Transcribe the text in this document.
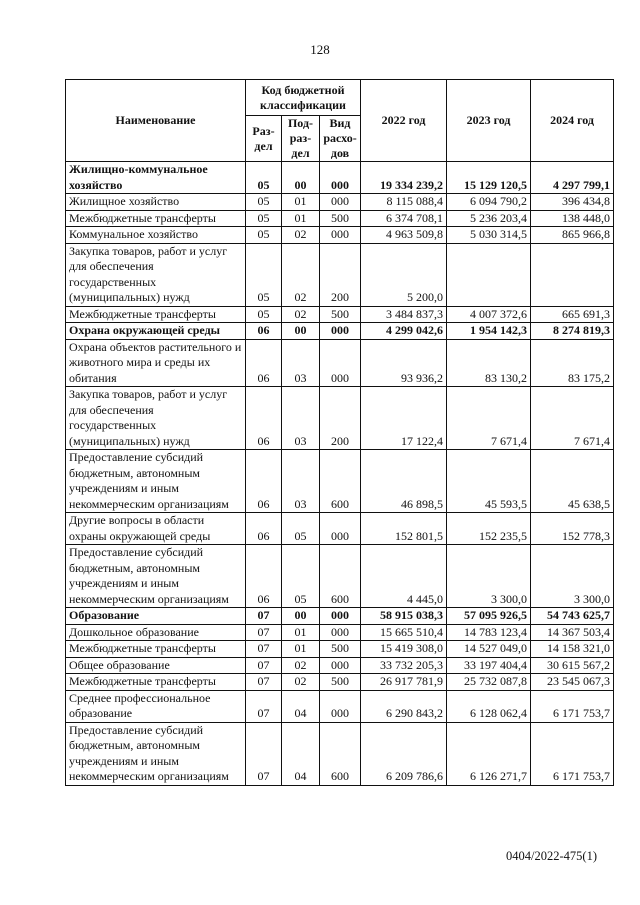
128
Наименование	Код бюджетной классификации			2022 год	2023 год	2024 год
	Раз- дел	Под- раз- дел	Вид расхо- дов			
Жилищно-коммунальное хозяйство	05	00	000	19 334 239,2	15 129 120,5	4 297 799,1
Жилищное хозяйство	05	01	000	8 115 088,4	6 094 790,2	396 434,8
Межбюджетные трансферты	05	01	500	6 374 708,1	5 236 203,4	138 448,0
Коммунальное хозяйство	05	02	000	4 963 509,8	5 030 314,5	865 966,8
Закупка товаров, работ и услуг для обеспечения государственных (муниципальных) нужд	05	02	200	5 200,0		
Межбюджетные трансферты	05	02	500	3 484 837,3	4 007 372,6	665 691,3
Охрана окружающей среды	06	00	000	4 299 042,6	1 954 142,3	8 274 819,3
Охрана объектов растительного и животного мира и среды их обитания	06	03	000	93 936,2	83 130,2	83 175,2
Закупка товаров, работ и услуг для обеспечения государственных (муниципальных) нужд	06	03	200	17 122,4	7 671,4	7 671,4
Предоставление субсидий бюджетным, автономным учреждениям и иным некоммерческим организациям	06	03	600	46 898,5	45 593,5	45 638,5
Другие вопросы в области охраны окружающей среды	06	05	000	152 801,5	152 235,5	152 778,3
Предоставление субсидий бюджетным, автономным учреждениям и иным некоммерческим организациям	06	05	600	4 445,0	3 300,0	3 300,0
Образование	07	00	000	58 915 038,3	57 095 926,5	54 743 625,7
Дошкольное образование	07	01	000	15 665 510,4	14 783 123,4	14 367 503,4
Межбюджетные трансферты	07	01	500	15 419 308,0	14 527 049,0	14 158 321,0
Общее образование	07	02	000	33 732 205,3	33 197 404,4	30 615 567,2
Межбюджетные трансферты	07	02	500	26 917 781,9	25 732 087,8	23 545 067,3
Среднее профессиональное образование	07	04	000	6 290 843,2	6 128 062,4	6 171 753,7
Предоставление субсидий бюджетным, автономным учреждениям и иным некоммерческим организациям	07	04	600	6 209 786,6	6 126 271,7	6 171 753,7
0404/2022-475(1)
